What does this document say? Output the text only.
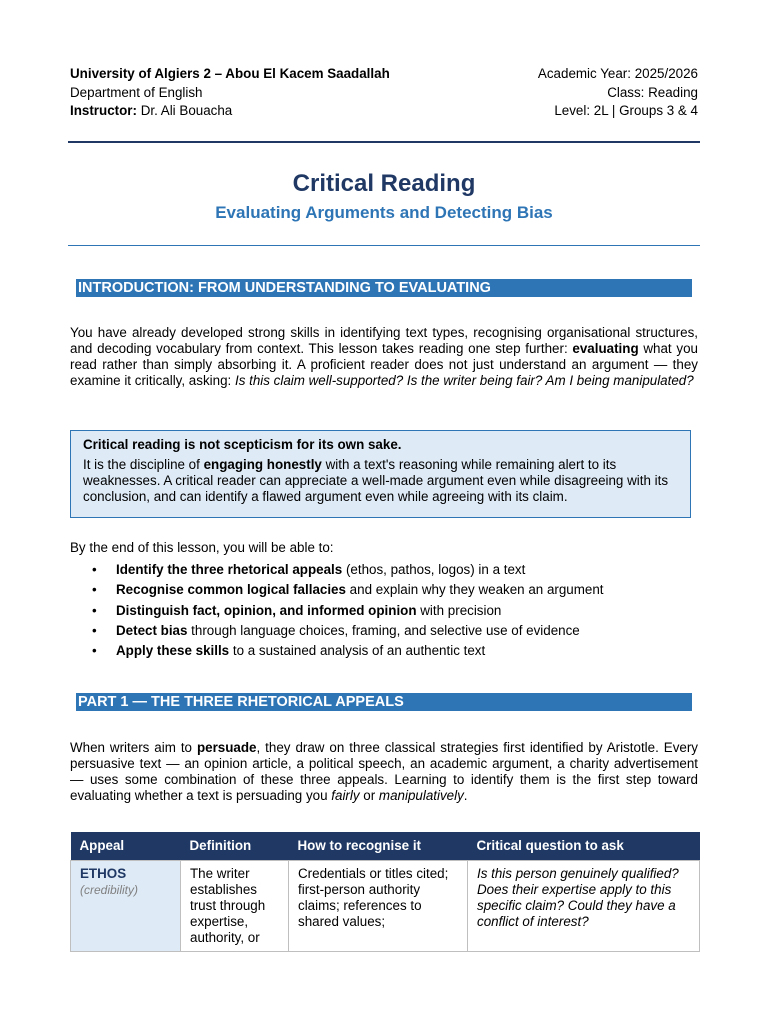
University of Algiers 2 – Abou El Kacem Saadallah	Academic Year: 2025/2026
Department of English	Class: Reading
Instructor: Dr. Ali Bouacha	Level: 2L | Groups 3 & 4
Critical Reading
Evaluating Arguments and Detecting Bias
INTRODUCTION: FROM UNDERSTANDING TO EVALUATING

You have already developed strong skills in identifying text types, recognising organisational structures, and decoding vocabulary from context. This lesson takes reading one step further: evaluating what you read rather than simply absorbing it. A proficient reader does not just understand an argument — they examine it critically, asking: Is this claim well-supported? Is the writer being fair? Am I being manipulated?

Critical reading is not scepticism for its own sake.
It is the discipline of engaging honestly with a text's reasoning while remaining alert to its weaknesses. A critical reader can appreciate a well-made argument even while disagreeing with its conclusion, and can identify a flawed argument even while agreeing with its claim.
By the end of this lesson, you will be able to:
• Identify the three rhetorical appeals (ethos, pathos, logos) in a text
• Recognise common logical fallacies and explain why they weaken an argument
• Distinguish fact, opinion, and informed opinion with precision
• Detect bias through language choices, framing, and selective use of evidence
• Apply these skills to a sustained analysis of an authentic text
PART 1 — THE THREE RHETORICAL APPEALS

When writers aim to persuade, they draw on three classical strategies first identified by Aristotle. Every persuasive text — an opinion article, a political speech, an academic argument, a charity advertisement — uses some combination of these three appeals. Learning to identify them is the first step toward evaluating whether a text is persuading you fairly or manipulatively.

Appeal	Definition	How to recognise it	Critical question to ask

ETHOS
(credibility)	The writer establishes trust through expertise, authority, or	Credentials or titles cited; first-person authority claims; references to shared values;	Is this person genuinely qualified? Does their expertise apply to this specific claim? Could they have a conflict of interest?
